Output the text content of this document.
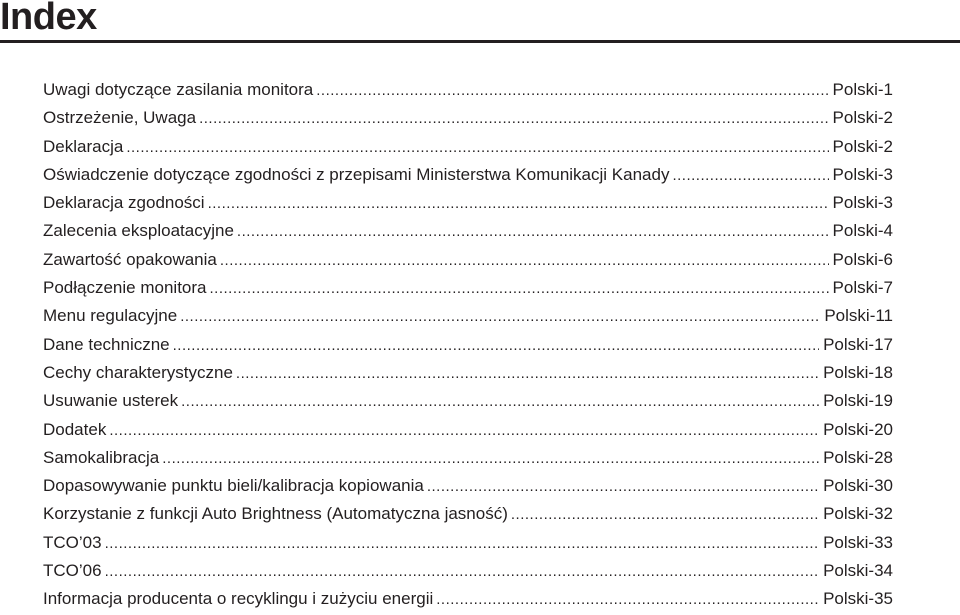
Index
Uwagi dotyczące zasilania monitora .....	Polski-1
Ostrzeżenie, Uwaga .....	Polski-2
Deklaracja .....	Polski-2
Oświadczenie dotyczące zgodności z przepisami Ministerstwa Komunikacji Kanady .....	Polski-3
Deklaracja zgodności .....	Polski-3
Zalecenia eksploatacyjne .....	Polski-4
Zawartość opakowania .....	Polski-6
Podłączenie monitora .....	Polski-7
Menu regulacyjne .....	Polski-11
Dane techniczne .....	Polski-17
Cechy charakterystyczne .....	Polski-18
Usuwanie usterek .....	Polski-19
Dodatek .....	Polski-20
Samokalibracja .....	Polski-28
Dopasowywanie punktu bieli/kalibracja kopiowania .....	Polski-30
Korzystanie z funkcji Auto Brightness (Automatyczna jasność) .....	Polski-32
TCO’03 .....	Polski-33
TCO’06 .....	Polski-34
Informacja producenta o recyklingu i zużyciu energii .....	Polski-35
